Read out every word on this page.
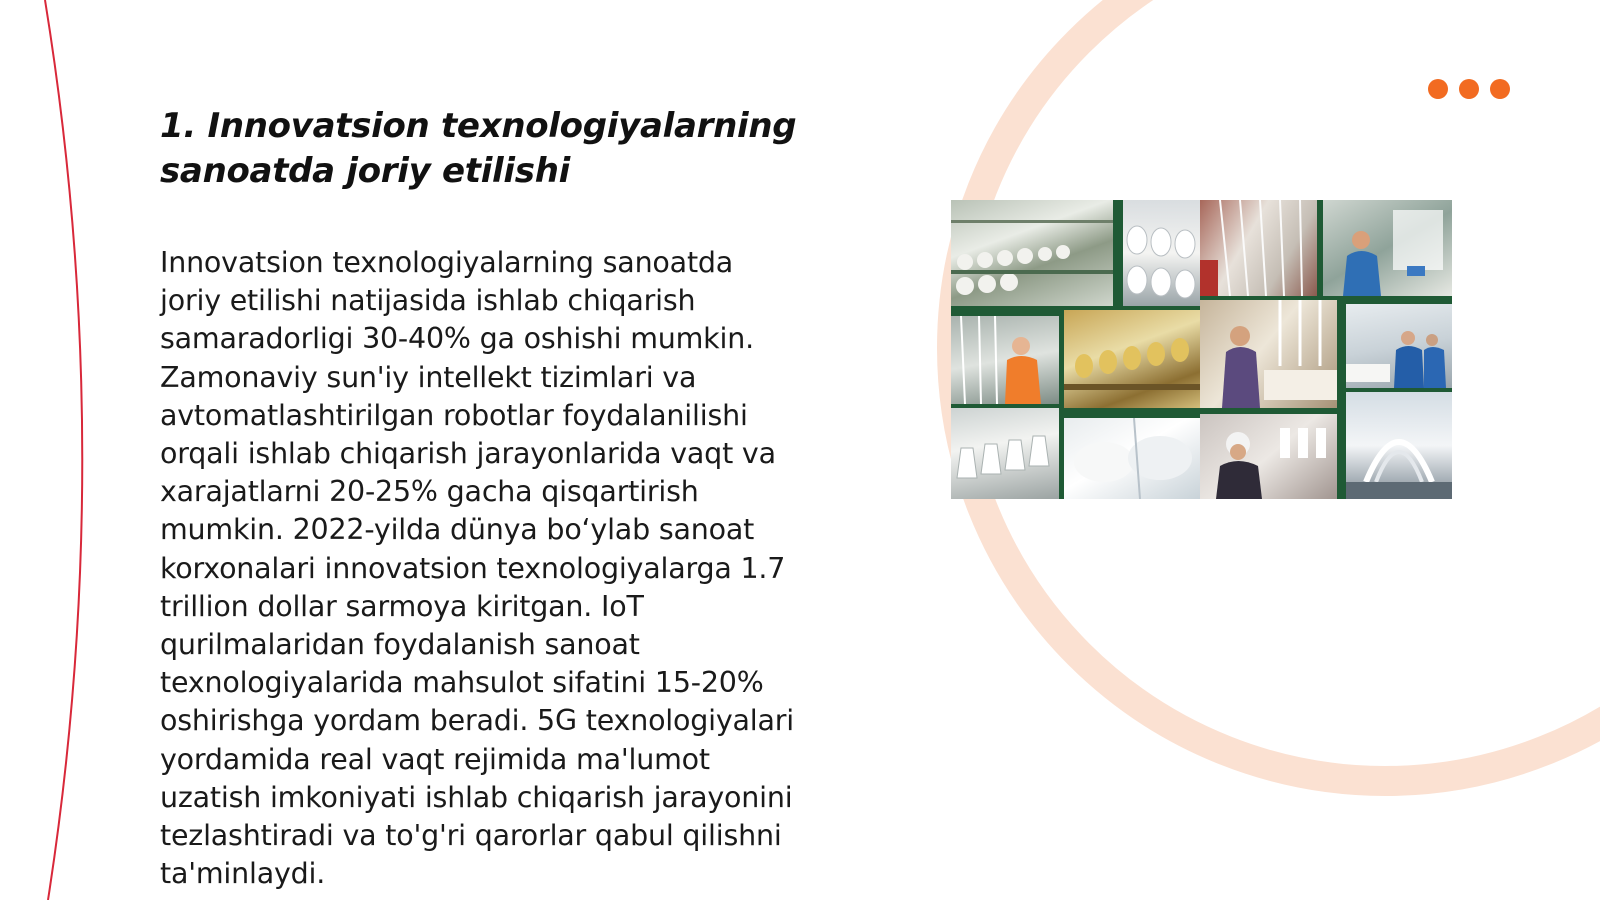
1. Innovatsion texnologiyalarning
sanoatda joriy etilishi

Innovatsion texnologiyalarning sanoatda
joriy etilishi natijasida ishlab chiqarish
samaradorligi 30-40% ga oshishi mumkin.
Zamonaviy sun'iy intellekt tizimlari va
avtomatlashtirilgan robotlar foydalanilishi
orqali ishlab chiqarish jarayonlarida vaqt va
xarajatlarni 20-25% gacha qisqartirish
mumkin. 2022-yilda dünya bo‘ylab sanoat
korxonalari innovatsion texnologiyalarga 1.7
trillion dollar sarmoya kiritgan. IoT
qurilmalaridan foydalanish sanoat
texnologiyalarida mahsulot sifatini 15-20%
oshirishga yordam beradi. 5G texnologiyalari
yordamida real vaqt rejimida ma'lumot
uzatish imkoniyati ishlab chiqarish jarayonini
tezlashtiradi va to'g'ri qarorlar qabul qilishni
ta'minlaydi.
